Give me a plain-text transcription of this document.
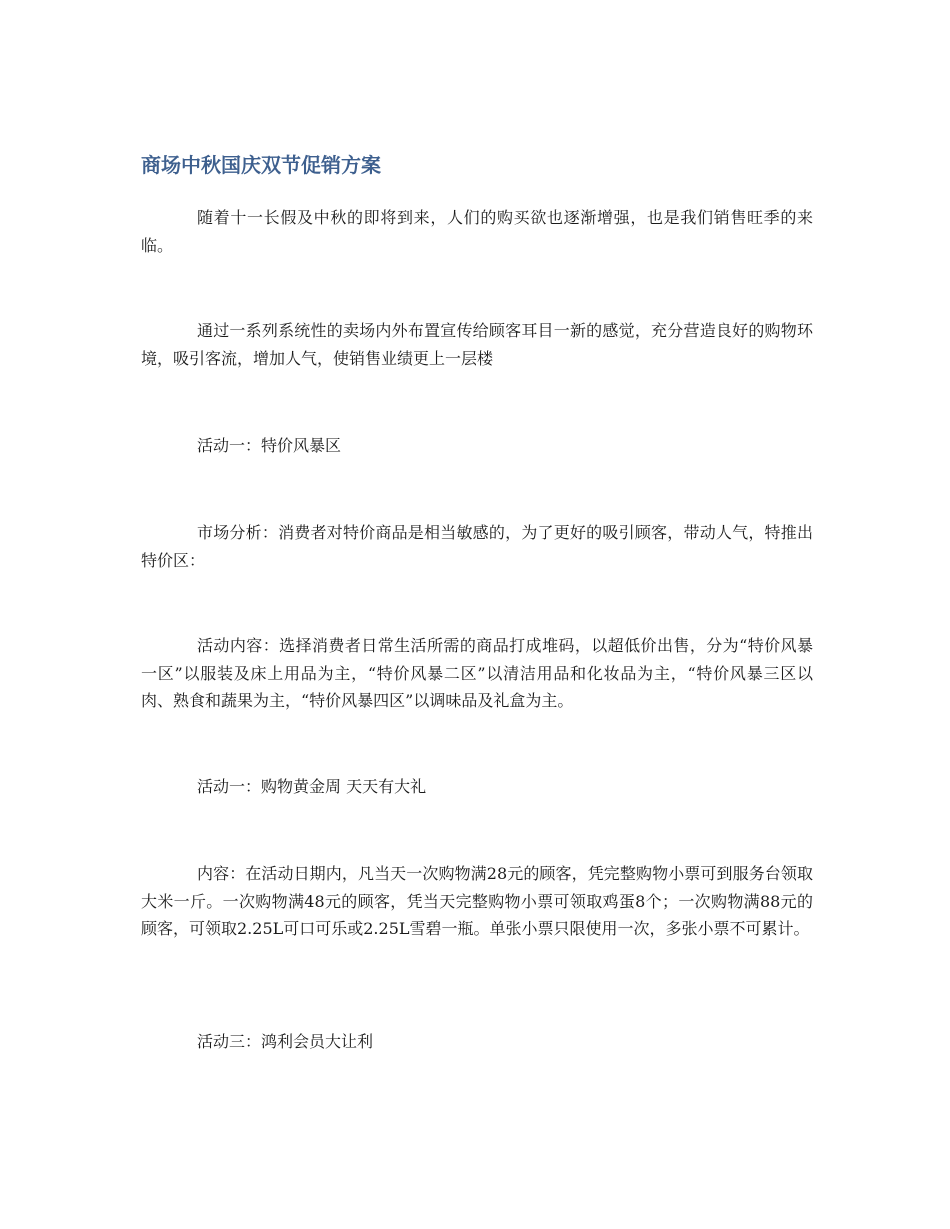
商场中秋国庆双节促销方案

随着十一长假及中秋的即将到来，人们的购买欲也逐渐增强，也是我们销售旺季的来临。

通过一系列系统性的卖场内外布置宣传给顾客耳目一新的感觉，充分营造良好的购物环境，吸引客流，增加人气，使销售业绩更上一层楼

活动一：特价风暴区

市场分析：消费者对特价商品是相当敏感的，为了更好的吸引顾客，带动人气，特推出特价区：

活动内容：选择消费者日常生活所需的商品打成堆码，以超低价出售，分为“特价风暴一区”以服装及床上用品为主，“特价风暴二区”以清洁用品和化妆品为主，“特价风暴三区以肉、熟食和蔬果为主，“特价风暴四区”以调味品及礼盒为主。

活动一：购物黄金周 天天有大礼

内容：在活动日期内，凡当天一次购物满28元的顾客，凭完整购物小票可到服务台领取大米一斤。一次购物满48元的顾客，凭当天完整购物小票可领取鸡蛋8个；一次购物满88元的顾客，可领取2.25L可口可乐或2.25L雪碧一瓶。单张小票只限使用一次，多张小票不可累计。

活动三：鸿利会员大让利
